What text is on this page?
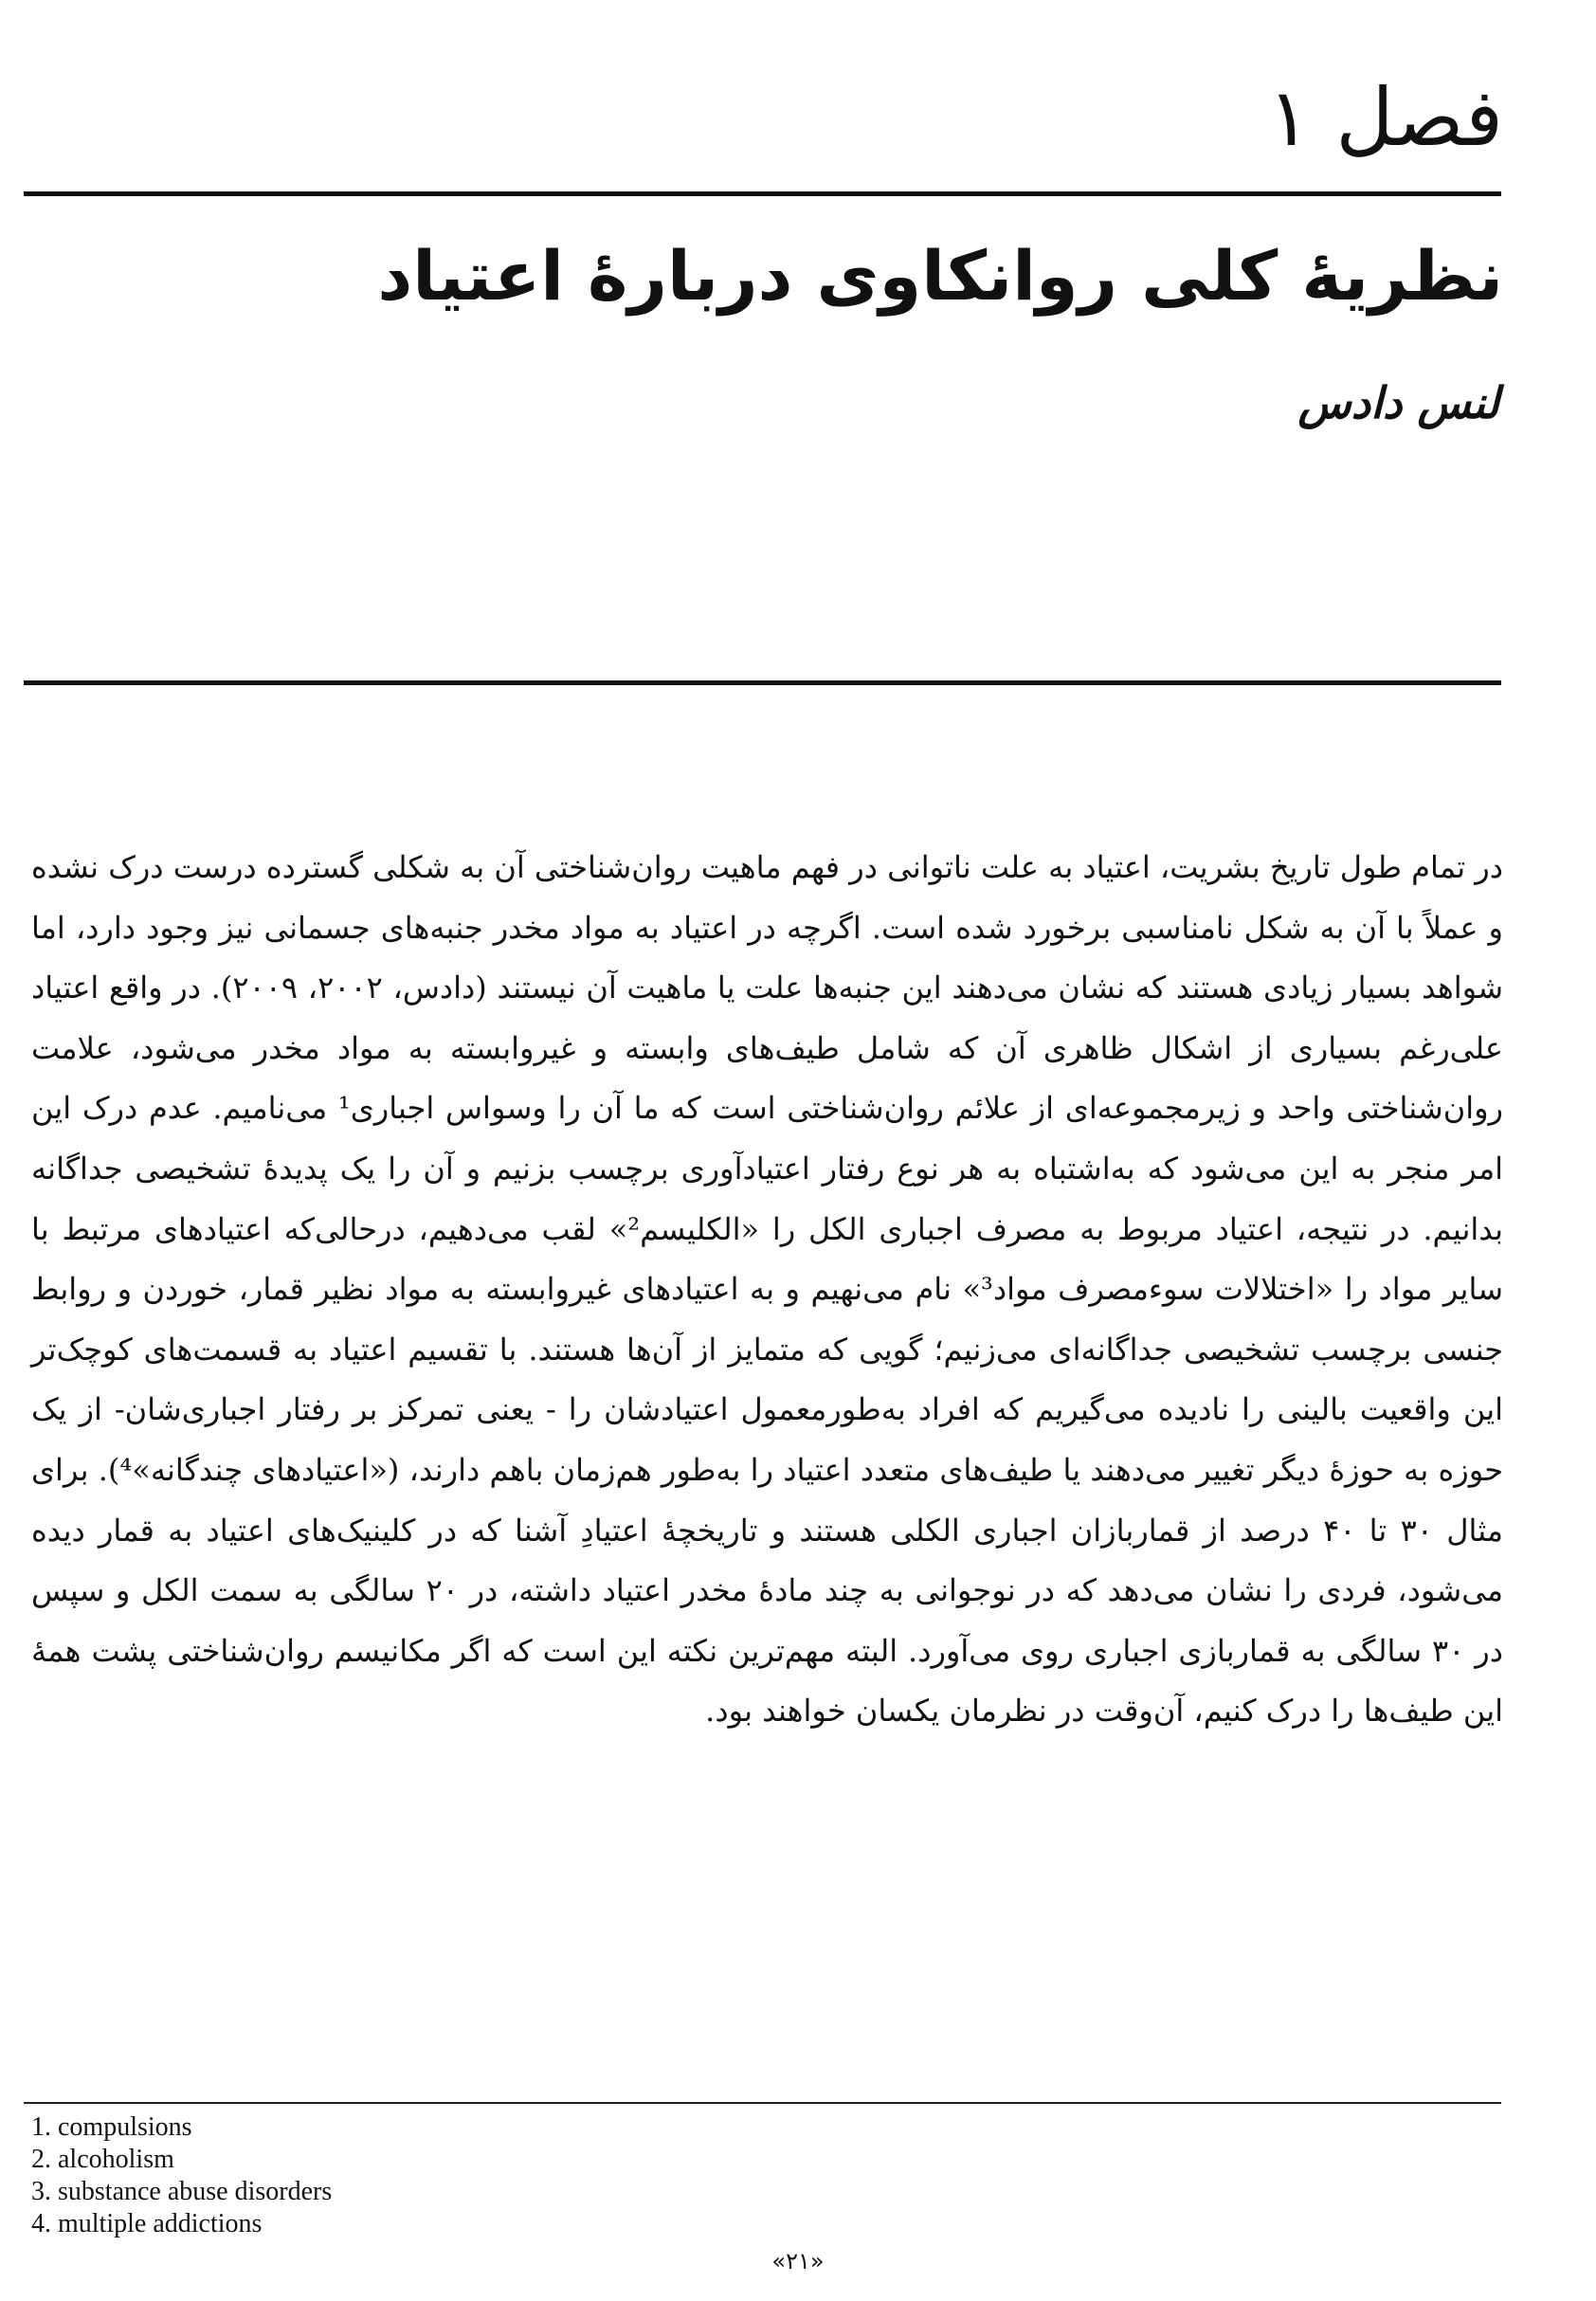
فصل ۱
نظریهٔ کلی روانکاوی دربارهٔ اعتیاد
لنس دادس

در تمام طول تاریخ بشریت، اعتیاد به علت ناتوانی در فهم ماهیت روان‌شناختی آن به شکلی گسترده درست درک نشده و عملاً با آن به شکل نامناسبی برخورد شده است. اگرچه در اعتیاد به مواد مخدر جنبه‌های جسمانی نیز وجود دارد، اما شواهد بسیار زیادی هستند که نشان می‌دهند این جنبه‌ها علت یا ماهیت آن نیستند (دادس، ۲۰۰۲، ۲۰۰۹). در واقع اعتیاد علی‌رغم بسیاری از اشکال ظاهری آن که شامل طیف‌های وابسته و غیروابسته به مواد مخدر می‌شود، علامت روان‌شناختی واحد و زیرمجموعه‌ای از علائم روان‌شناختی است که ما آن را وسواس اجباری¹ می‌نامیم. عدم درک این امر منجر به این می‌شود که به‌اشتباه به هر نوع رفتار اعتیادآوری برچسب بزنیم و آن را یک پدیدهٔ تشخیصی جداگانه بدانیم. در نتیجه، اعتیاد مربوط به مصرف اجباری الکل را «الکلیسم²» لقب می‌دهیم، درحالی‌که اعتیادهای مرتبط با سایر مواد را «اختلالات سوءمصرف مواد³» نام می‌نهیم و به اعتیادهای غیروابسته به مواد نظیر قمار، خوردن و روابط جنسی برچسب تشخیصی جداگانه‌ای می‌زنیم؛ گویی که متمایز از آن‌ها هستند. با تقسیم اعتیاد به قسمت‌های کوچک‌تر این واقعیت بالینی را نادیده می‌گیریم که افراد به‌طورمعمول اعتیادشان را - یعنی تمرکز بر رفتار اجباری‌شان- از یک حوزه به حوزهٔ دیگر تغییر می‌دهند یا طیف‌های متعدد اعتیاد را به‌طور هم‌زمان باهم دارند، («اعتیادهای چندگانه»⁴). برای مثال ۳۰ تا ۴۰ درصد از قماربازان اجباری الکلی هستند و تاریخچهٔ اعتیادِ آشنا که در کلینیک‌های اعتیاد به قمار دیده می‌شود، فردی را نشان می‌دهد که در نوجوانی به چند مادهٔ مخدر اعتیاد داشته، در ۲۰ سالگی به سمت الکل و سپس در ۳۰ سالگی به قماربازی اجباری روی می‌آورد. البته مهم‌ترین نکته این است که اگر مکانیسم روان‌شناختی پشت همهٔ این طیف‌ها را درک کنیم، آن‌وقت در نظرمان یکسان خواهند بود.

1. compulsions
2. alcoholism
3. substance abuse disorders
4. multiple addictions
«۲۱»
